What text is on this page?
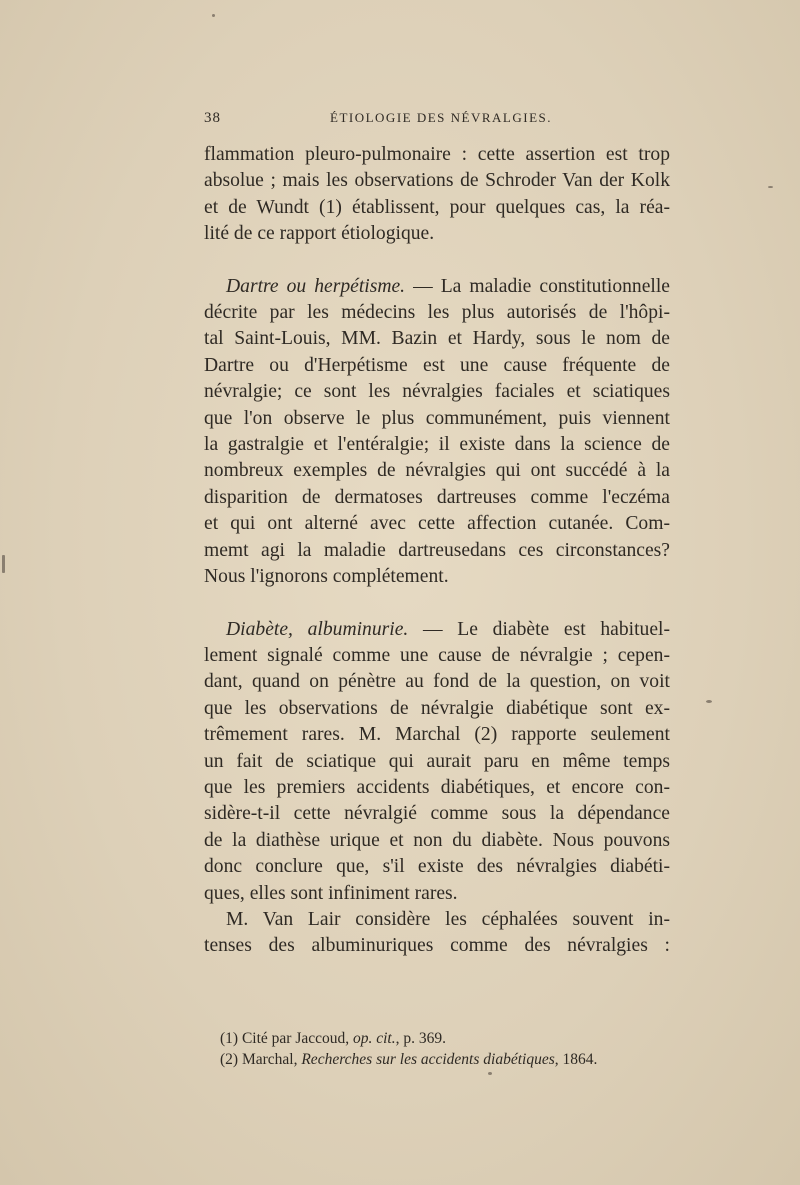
38	ÉTIOLOGIE DES NÉVRALGIES.
flammation pleuro-pulmonaire : cette assertion est trop
absolue ; mais les observations de Schroder Van der Kolk
et de Wundt (1) établissent, pour quelques cas, la réa-
lité de ce rapport étiologique.
Dartre ou herpétisme. — La maladie constitutionnelle
décrite par les médecins les plus autorisés de l'hôpi-
tal Saint-Louis, MM. Bazin et Hardy, sous le nom de
Dartre ou d'Herpétisme est une cause fréquente de
névralgie; ce sont les névralgies faciales et sciatiques
que l'on observe le plus communément, puis viennent
la gastralgie et l'entéralgie; il existe dans la science de
nombreux exemples de névralgies qui ont succédé à la
disparition de dermatoses dartreuses comme l'eczéma
et qui ont alterné avec cette affection cutanée. Com-
memt agi la maladie dartreusedans ces circonstances?
Nous l'ignorons complétement.
Diabète, albuminurie. — Le diabète est habituel-
lement signalé comme une cause de névralgie ; cepen-
dant, quand on pénètre au fond de la question, on voit
que les observations de névralgie diabétique sont ex-
trêmement rares. M. Marchal (2) rapporte seulement
un fait de sciatique qui aurait paru en même temps
que les premiers accidents diabétiques, et encore con-
sidère-t-il cette névralgié comme sous la dépendance
de la diathèse urique et non du diabète. Nous pouvons
donc conclure que, s'il existe des névralgies diabéti-
ques, elles sont infiniment rares.
M. Van Lair considère les céphalées souvent in-
tenses des albuminuriques comme des névralgies :
(1) Cité par Jaccoud, op. cit., p. 369.
(2) Marchal, Recherches sur les accidents diabétiques, 1864.
